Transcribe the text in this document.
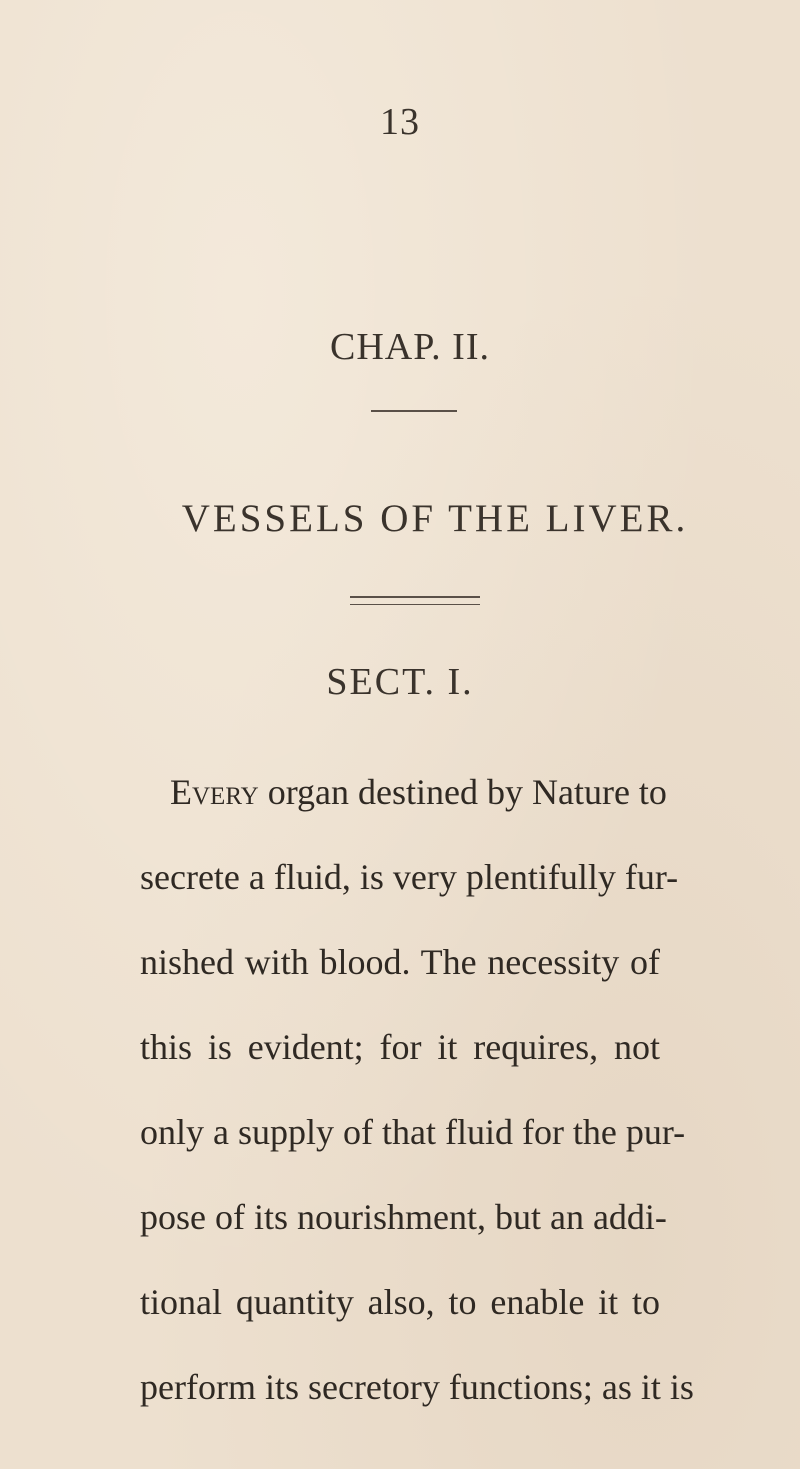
13
CHAP. II.
VESSELS OF THE LIVER.
SECT. I.
Every organ destined by Nature to
secrete a fluid, is very plentifully fur-
nished with blood. The necessity of
this is evident; for it requires, not
only a supply of that fluid for the pur-
pose of its nourishment, but an addi-
tional quantity also, to enable it to
perform its secretory functions; as it is
